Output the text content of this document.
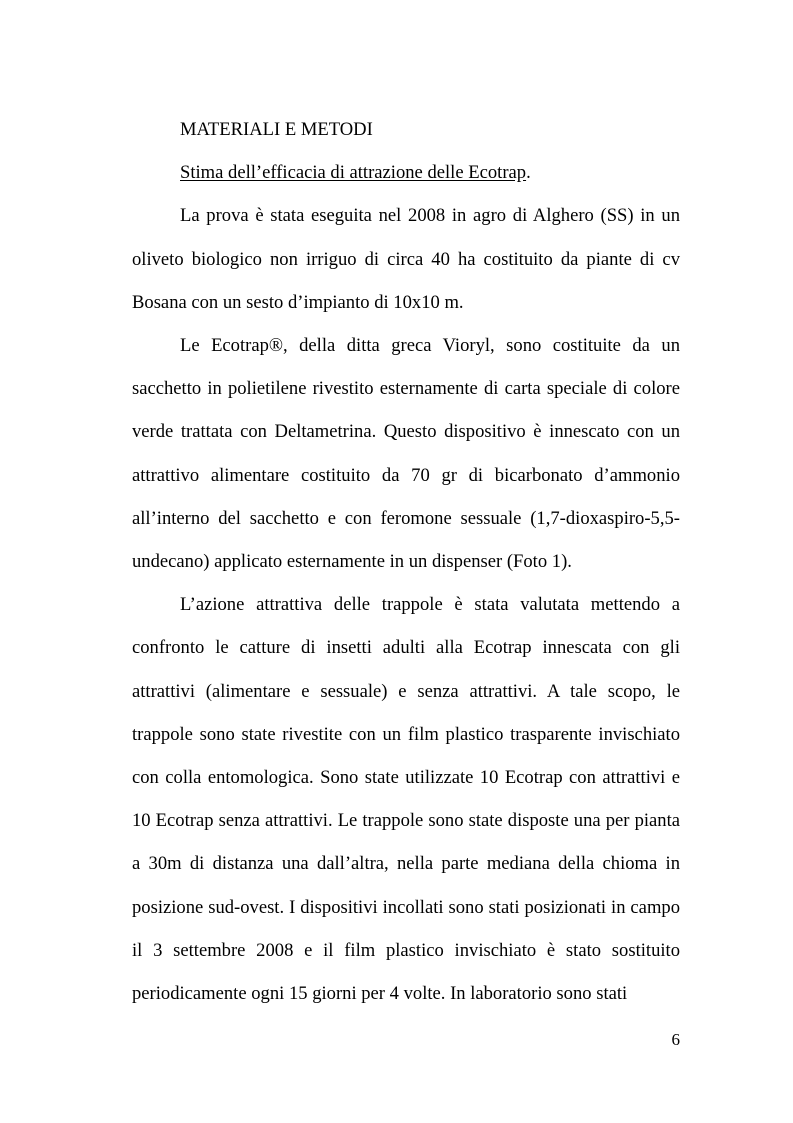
MATERIALI E METODI

Stima dell’efficacia di attrazione delle Ecotrap.

La prova è stata eseguita nel 2008 in agro di Alghero (SS) in un oliveto biologico non irriguo di circa 40 ha costituito da piante di cv Bosana con un sesto d’impianto di 10x10 m.

Le Ecotrap®, della ditta greca Vioryl, sono costituite da un sacchetto in polietilene rivestito esternamente di carta speciale di colore verde trattata con Deltametrina. Questo dispositivo è innescato con un attrattivo alimentare costituito da 70 gr di bicarbonato d’ammonio all’interno del sacchetto e con feromone sessuale (1,7-dioxaspiro-5,5-undecano) applicato esternamente in un dispenser (Foto 1).

L’azione attrattiva delle trappole è stata valutata mettendo a confronto le catture di insetti adulti alla Ecotrap innescata con gli attrattivi (alimentare e sessuale) e senza attrattivi. A tale scopo, le trappole sono state rivestite con un film plastico trasparente invischiato con colla entomologica. Sono state utilizzate 10 Ecotrap con attrattivi e 10 Ecotrap senza attrattivi. Le trappole sono state disposte una per pianta a 30m di distanza una dall’altra, nella parte mediana della chioma in posizione sud-ovest. I dispositivi incollati sono stati posizionati in campo il 3 settembre 2008 e il film plastico invischiato è stato sostituito periodicamente ogni 15 giorni per 4 volte. In laboratorio sono stati

6
